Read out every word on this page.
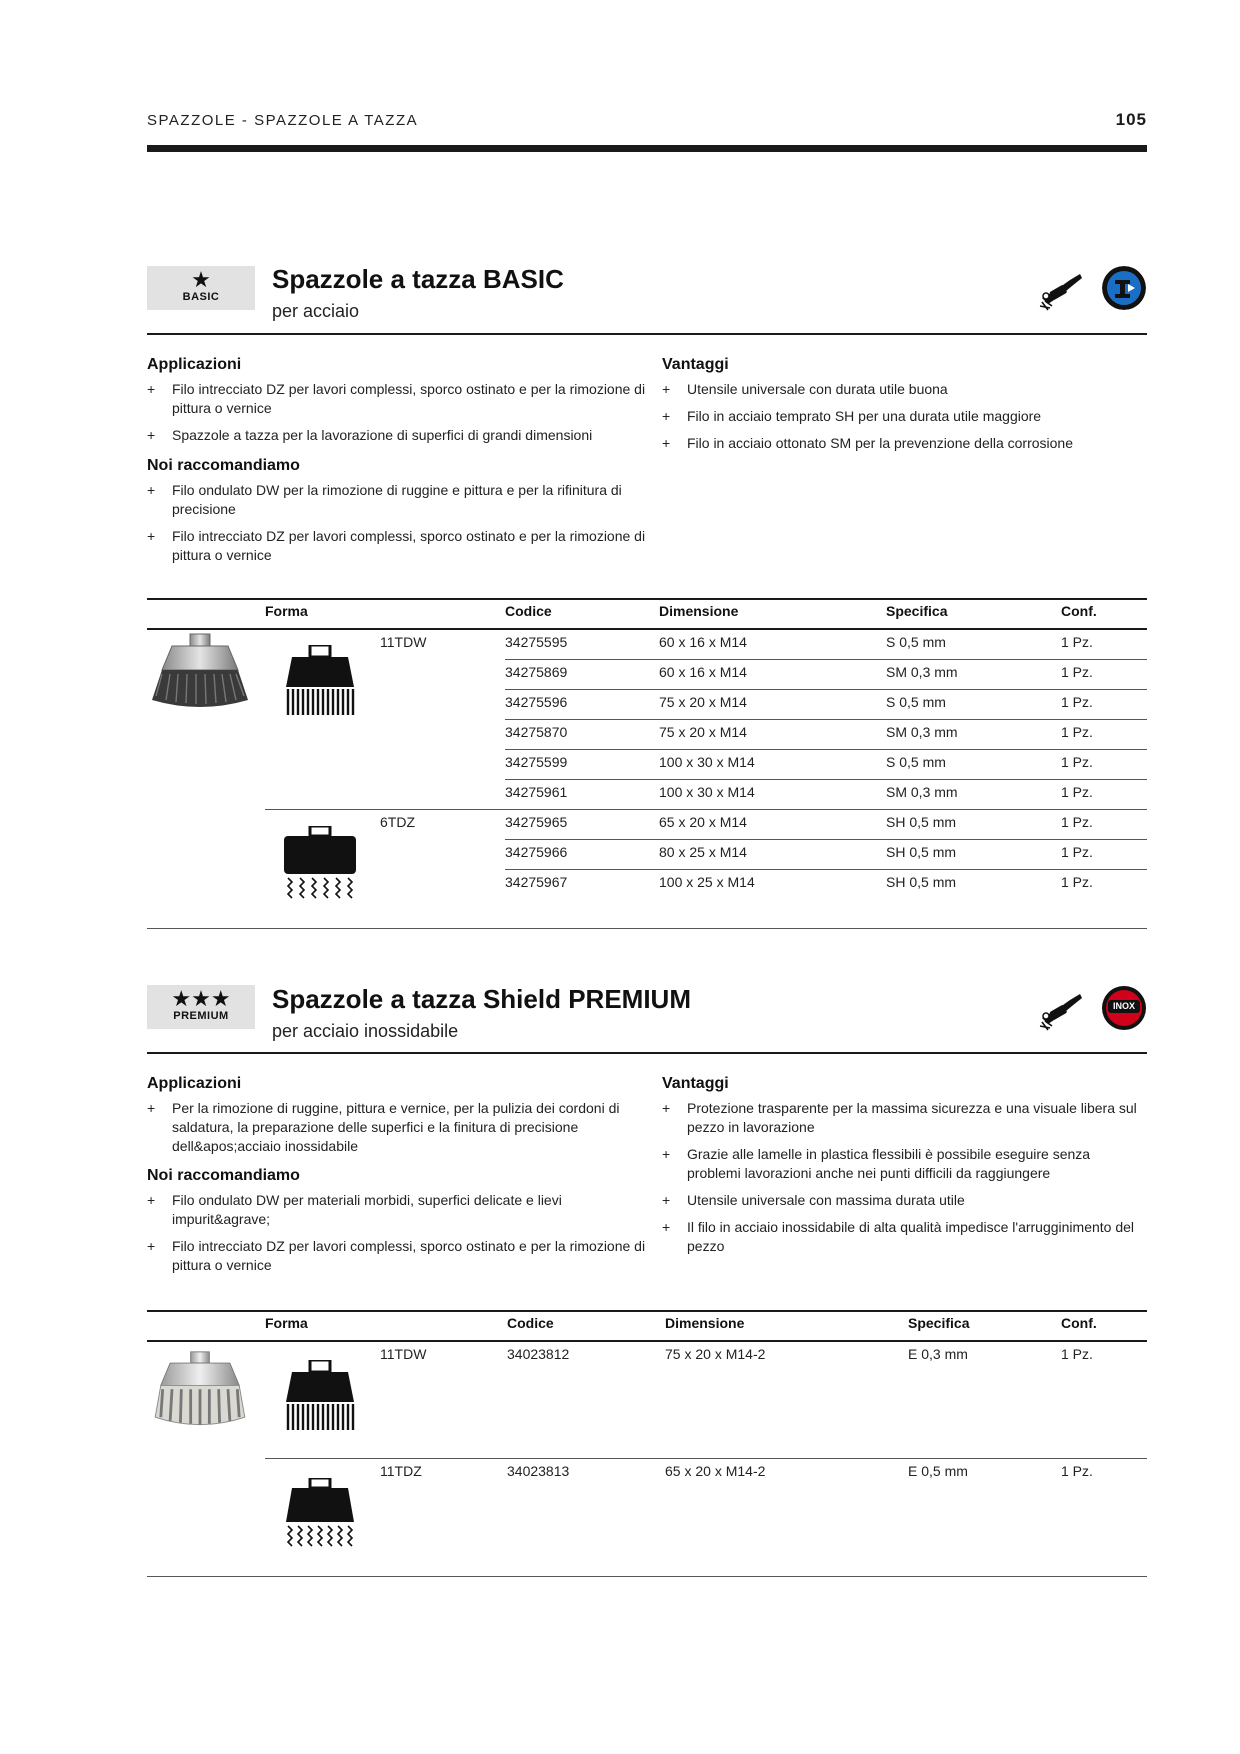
SPAZZOLE - SPAZZOLE A TAZZA	105
★
BASIC
Spazzole a tazza BASIC
per acciaio
Applicazioni
+	Filo intrecciato DZ per lavori complessi, sporco ostinato e per la rimozione di pittura o vernice
+	Spazzole a tazza per la lavorazione di superfici di grandi dimensioni
Noi raccomandiamo
+	Filo ondulato DW per la rimozione di ruggine e pittura e per la rifinitura di precisione
+	Filo intrecciato DZ per lavori complessi, sporco ostinato e per la rimozione di pittura o vernice
Vantaggi
+	Utensile universale con durata utile buona
+	Filo in acciaio temprato SH per una durata utile maggiore
+	Filo in acciaio ottonato SM per la prevenzione della corrosione
Forma	Codice	Dimensione	Specifica	Conf.
11TDW	34275595	60 x 16 x M14	S 0,5 mm	1 Pz.
34275869	60 x 16 x M14	SM 0,3 mm	1 Pz.
34275596	75 x 20 x M14	S 0,5 mm	1 Pz.
34275870	75 x 20 x M14	SM 0,3 mm	1 Pz.
34275599	100 x 30 x M14	S 0,5 mm	1 Pz.
34275961	100 x 30 x M14	SM 0,3 mm	1 Pz.
6TDZ	34275965	65 x 20 x M14	SH 0,5 mm	1 Pz.
34275966	80 x 25 x M14	SH 0,5 mm	1 Pz.
34275967	100 x 25 x M14	SH 0,5 mm	1 Pz.
★★★
PREMIUM
Spazzole a tazza Shield PREMIUM
per acciaio inossidabile
INOX
Applicazioni
+	Per la rimozione di ruggine, pittura e vernice, per la pulizia dei cordoni di saldatura, la preparazione delle superfici e la finitura di precisione dell&apos;acciaio inossidabile
Noi raccomandiamo
+	Filo ondulato DW per materiali morbidi, superfici delicate e lievi impurit&agrave;
+	Filo intrecciato DZ per lavori complessi, sporco ostinato e per la rimozione di pittura o vernice
Vantaggi
+	Protezione trasparente per la massima sicurezza e una visuale libera sul pezzo in lavorazione
+	Grazie alle lamelle in plastica flessibili è possibile eseguire senza problemi lavorazioni anche nei punti difficili da raggiungere
+	Utensile universale con massima durata utile
+	Il filo in acciaio inossidabile di alta qualità impedisce l'arrugginimento del pezzo
Forma	Codice	Dimensione	Specifica	Conf.
11TDW	34023812	75 x 20 x M14-2	E 0,3 mm	1 Pz.
11TDZ	34023813	65 x 20 x M14-2	E 0,5 mm	1 Pz.
